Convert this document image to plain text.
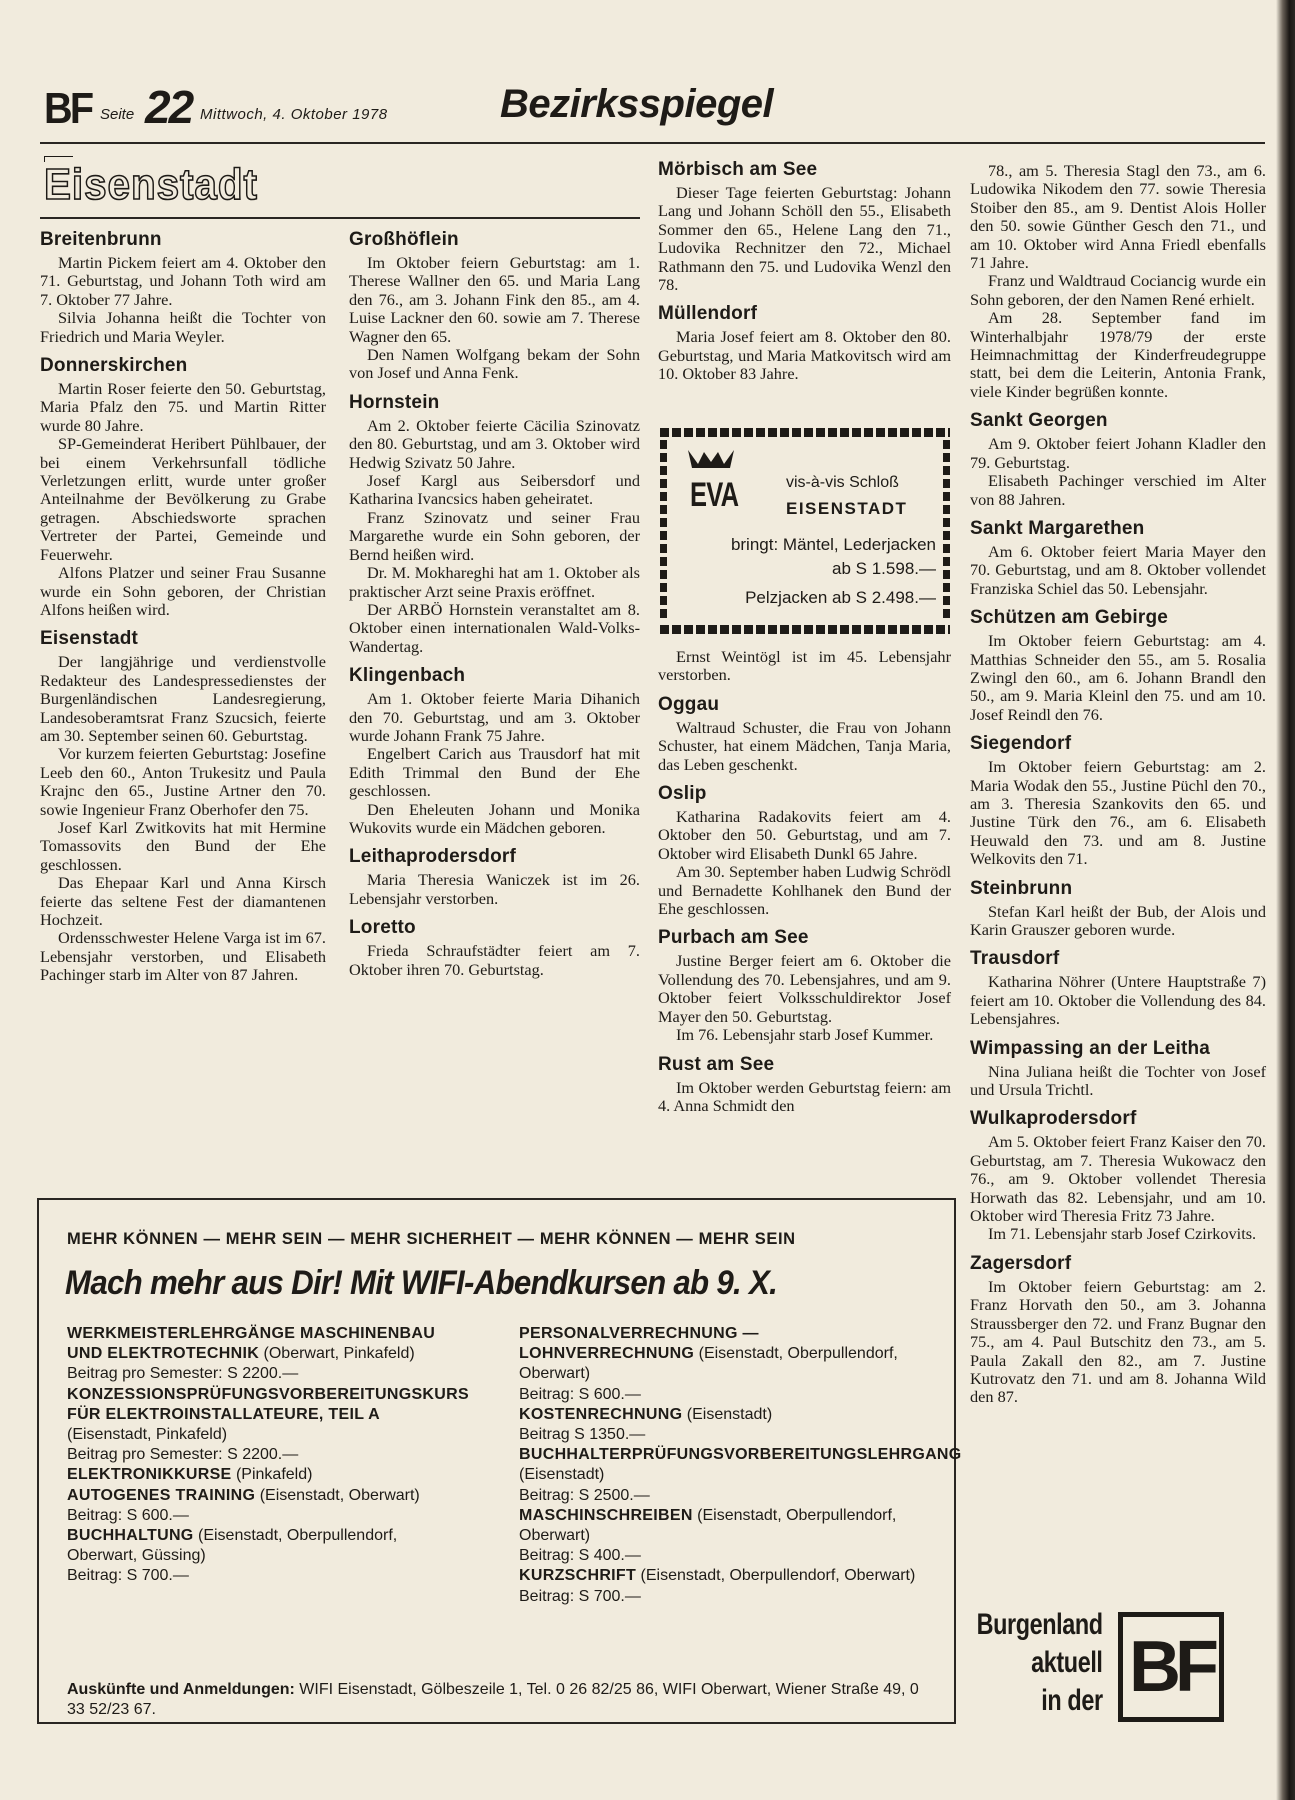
BF Seite 22 Mittwoch, 4. Oktober 1978	Bezirksspiegel
Eisenstadt
Breitenbrunn

Martin Pickem feiert am 4. Oktober den 71. Geburtstag, und Johann Toth wird am 7. Oktober 77 Jahre.

Silvia Johanna heißt die Tochter von Friedrich und Maria Weyler.

Donnerskirchen

Martin Roser feierte den 50. Geburtstag, Maria Pfalz den 75. und Martin Ritter wurde 80 Jahre.

SP-Gemeinderat Heribert Pühlbauer, der bei einem Verkehrsunfall tödliche Verletzungen erlitt, wurde unter großer Anteilnahme der Bevölkerung zu Grabe getragen. Abschiedsworte sprachen Vertreter der Partei, Gemeinde und Feuerwehr.

Alfons Platzer und seiner Frau Susanne wurde ein Sohn geboren, der Christian Alfons heißen wird.

Eisenstadt

Der langjährige und verdienstvolle Redakteur des Landespressedienstes der Burgenländischen Landesregierung, Landesoberamtsrat Franz Szucsich, feierte am 30. September seinen 60. Geburtstag.

Vor kurzem feierten Geburtstag: Josefine Leeb den 60., Anton Trukesitz und Paula Krajnc den 65., Justine Artner den 70. sowie Ingenieur Franz Oberhofer den 75.

Josef Karl Zwitkovits hat mit Hermine Tomassovits den Bund der Ehe geschlossen.

Das Ehepaar Karl und Anna Kirsch feierte das seltene Fest der diamantenen Hochzeit.

Ordensschwester Helene Varga ist im 67. Lebensjahr verstorben, und Elisabeth Pachinger starb im Alter von 87 Jahren.

Großhöflein

Im Oktober feiern Geburtstag: am 1. Therese Wallner den 65. und Maria Lang den 76., am 3. Johann Fink den 85., am 4. Luise Lackner den 60. sowie am 7. Therese Wagner den 65.

Den Namen Wolfgang bekam der Sohn von Josef und Anna Fenk.

Hornstein

Am 2. Oktober feierte Cäcilia Szinovatz den 80. Geburtstag, und am 3. Oktober wird Hedwig Szivatz 50 Jahre.

Josef Kargl aus Seibersdorf und Katharina Ivancsics haben geheiratet.

Franz Szinovatz und seiner Frau Margarethe wurde ein Sohn geboren, der Bernd heißen wird.

Dr. M. Mokhareghi hat am 1. Oktober als praktischer Arzt seine Praxis eröffnet.

Der ARBÖ Hornstein veranstaltet am 8. Oktober einen internationalen Wald-Volks-Wandertag.

Klingenbach

Am 1. Oktober feierte Maria Dihanich den 70. Geburtstag, und am 3. Oktober wurde Johann Frank 75 Jahre.

Engelbert Carich aus Trausdorf hat mit Edith Trimmal den Bund der Ehe geschlossen.

Den Eheleuten Johann und Monika Wukovits wurde ein Mädchen geboren.

Leithaprodersdorf

Maria Theresia Waniczek ist im 26. Lebensjahr verstorben.

Loretto

Frieda Schraufstädter feiert am 7. Oktober ihren 70. Geburtstag.

Mörbisch am See

Dieser Tage feierten Geburtstag: Johann Lang und Johann Schöll den 55., Elisabeth Sommer den 65., Helene Lang den 71., Ludovika Rechnitzer den 72., Michael Rathmann den 75. und Ludovika Wenzl den 78.

Müllendorf

Maria Josef feiert am 8. Oktober den 80. Geburtstag, und Maria Matkovitsch wird am 10. Oktober 83 Jahre.

Ernst Weintögl ist im 45. Lebensjahr verstorben.

Oggau

Waltraud Schuster, die Frau von Johann Schuster, hat einem Mädchen, Tanja Maria, das Leben geschenkt.

Oslip

Katharina Radakovits feiert am 4. Oktober den 50. Geburtstag, und am 7. Oktober wird Elisabeth Dunkl 65 Jahre.

Am 30. September haben Ludwig Schrödl und Bernadette Kohlhanek den Bund der Ehe geschlossen.

Purbach am See

Justine Berger feiert am 6. Oktober die Vollendung des 70. Lebensjahres, und am 9. Oktober feiert Volksschuldirektor Josef Mayer den 50. Geburtstag.

Im 76. Lebensjahr starb Josef Kummer.

Rust am See

Im Oktober werden Geburtstag feiern: am 4. Anna Schmidt den

78., am 5. Theresia Stagl den 73., am 6. Ludowika Nikodem den 77. sowie Theresia Stoiber den 85., am 9. Dentist Alois Holler den 50. sowie Günther Gesch den 71., und am 10. Oktober wird Anna Friedl ebenfalls 71 Jahre.

Franz und Waldtraud Cociancig wurde ein Sohn geboren, der den Namen René erhielt.

Am 28. September fand im Winterhalbjahr 1978/79 der erste Heimnachmittag der Kinderfreudegruppe statt, bei dem die Leiterin, Antonia Frank, viele Kinder begrüßen konnte.

Sankt Georgen

Am 9. Oktober feiert Johann Kladler den 79. Geburtstag.

Elisabeth Pachinger verschied im Alter von 88 Jahren.

Sankt Margarethen

Am 6. Oktober feiert Maria Mayer den 70. Geburtstag, und am 8. Oktober vollendet Franziska Schiel das 50. Lebensjahr.

Schützen am Gebirge

Im Oktober feiern Geburtstag: am 4. Matthias Schneider den 55., am 5. Rosalia Zwingl den 60., am 6. Johann Brandl den 50., am 9. Maria Kleinl den 75. und am 10. Josef Reindl den 76.

Siegendorf

Im Oktober feiern Geburtstag: am 2. Maria Wodak den 55., Justine Püchl den 70., am 3. Theresia Szankovits den 65. und Justine Türk den 76., am 6. Elisabeth Heuwald den 73. und am 8. Justine Welkovits den 71.

Steinbrunn

Stefan Karl heißt der Bub, der Alois und Karin Grauszer geboren wurde.

Trausdorf

Katharina Nöhrer (Untere Hauptstraße 7) feiert am 10. Oktober die Vollendung des 84. Lebensjahres.

Wimpassing an der Leitha

Nina Juliana heißt die Tochter von Josef und Ursula Trichtl.

Wulkaprodersdorf

Am 5. Oktober feiert Franz Kaiser den 70. Geburtstag, am 7. Theresia Wukowacz den 76., am 9. Oktober vollendet Theresia Horwath das 82. Lebensjahr, und am 10. Oktober wird Theresia Fritz 73 Jahre.

Im 71. Lebensjahr starb Josef Czirkovits.

Zagersdorf

Im Oktober feiern Geburtstag: am 2. Franz Horvath den 50., am 3. Johanna Straussberger den 72. und Franz Bugnar den 75., am 4. Paul Butschitz den 73., am 5. Paula Zakall den 82., am 7. Justine Kutrovatz den 71. und am 8. Johanna Wild den 87.

EVA	vis-à-vis Schloß
EISENSTADT
bringt: Mäntel, Lederjacken
ab S 1.598.—
Pelzjacken ab S 2.498.—
MEHR KÖNNEN — MEHR SEIN — MEHR SICHERHEIT — MEHR KÖNNEN — MEHR SEIN
Mach mehr aus Dir! Mit WIFI-Abendkursen ab 9. X.
WERKMEISTERLEHRGÄNGE MASCHINENBAU UND ELEKTROTECHNIK (Oberwart, Pinkafeld)
Beitrag pro Semester: S 2200.—
KONZESSIONSPRÜFUNGSVORBEREITUNGSKURS FÜR ELEKTROINSTALLATEURE, TEIL A (Eisenstadt, Pinkafeld)
Beitrag pro Semester: S 2200.—
ELEKTRONIKKURSE (Pinkafeld)
AUTOGENES TRAINING (Eisenstadt, Oberwart)
Beitrag: S 600.—
BUCHHALTUNG (Eisenstadt, Oberpullendorf, Oberwart, Güssing)
Beitrag: S 700.—
PERSONALVERRECHNUNG — LOHNVERRECHNUNG (Eisenstadt, Oberpullendorf, Oberwart)
Beitrag: S 600.—
KOSTENRECHNUNG (Eisenstadt)
Beitrag S 1350.—
BUCHHALTERPRÜFUNGSVORBEREITUNGSLEHRGANG (Eisenstadt)
Beitrag: S 2500.—
MASCHINSCHREIBEN (Eisenstadt, Oberpullendorf, Oberwart)
Beitrag: S 400.—
KURZSCHRIFT (Eisenstadt, Oberpullendorf, Oberwart)
Beitrag: S 700.—
Auskünfte und Anmeldungen: WIFI Eisenstadt, Gölbeszeile 1, Tel. 0 26 82/25 86, WIFI Oberwart, Wiener Straße 49, 0 33 52/23 67.
Burgenland
aktuell
in der BF
